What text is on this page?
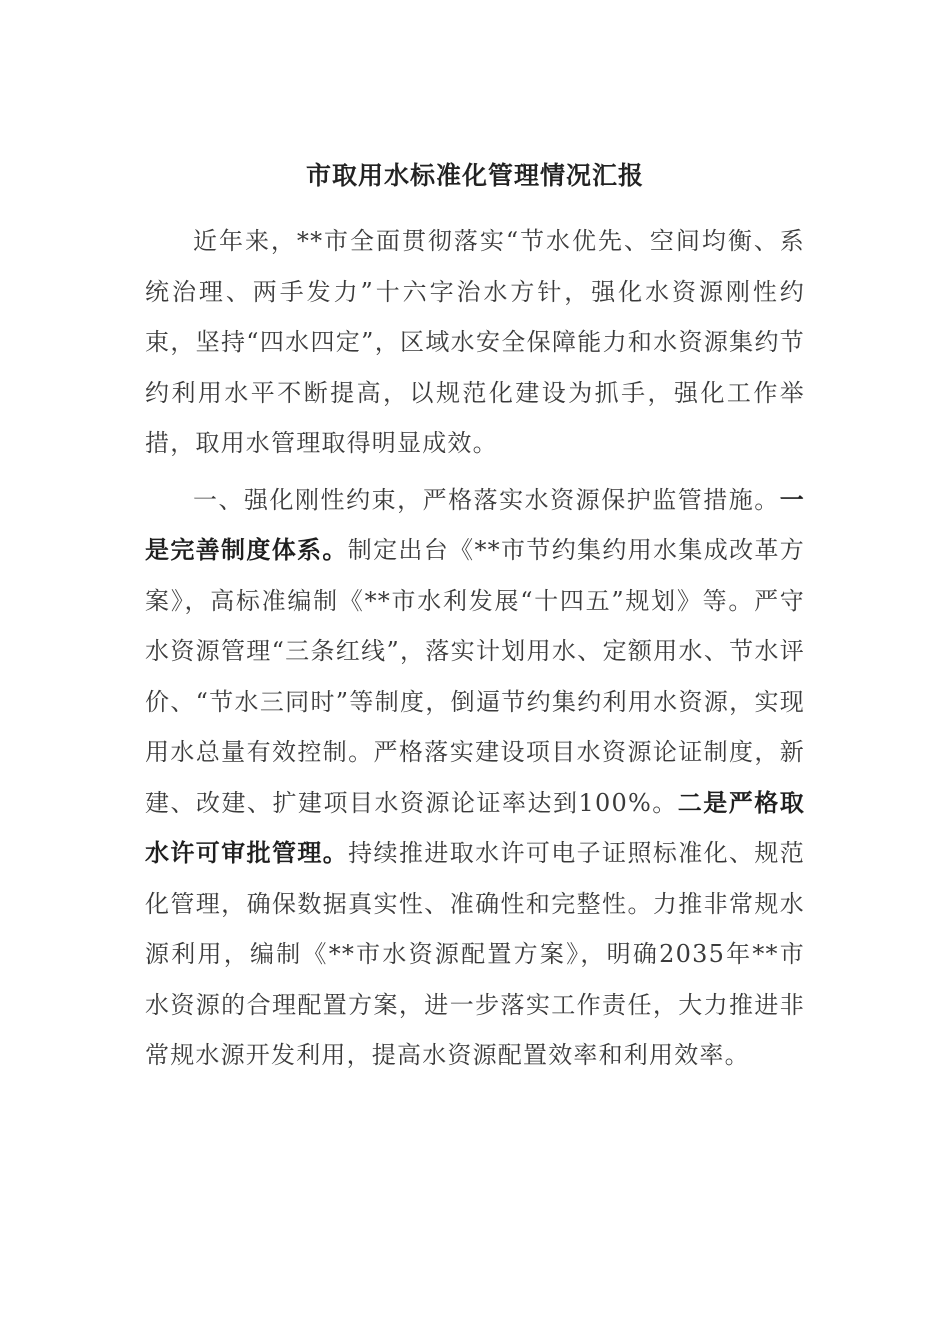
市取用水标准化管理情况汇报

近年来，**市全面贯彻落实“节水优先、空间均衡、系统治理、两手发力”十六字治水方针，强化水资源刚性约束，坚持“四水四定”，区域水安全保障能力和水资源集约节约利用水平不断提高，以规范化建设为抓手，强化工作举措，取用水管理取得明显成效。

一、强化刚性约束，严格落实水资源保护监管措施。一是完善制度体系。制定出台《**市节约集约用水集成改革方案》，高标准编制《**市水利发展“十四五”规划》等。严守水资源管理“三条红线”，落实计划用水、定额用水、节水评价、“节水三同时”等制度，倒逼节约集约利用水资源，实现用水总量有效控制。严格落实建设项目水资源论证制度，新建、改建、扩建项目水资源论证率达到100%。二是严格取水许可审批管理。持续推进取水许可电子证照标准化、规范化管理，确保数据真实性、准确性和完整性。力推非常规水源利用，编制《**市水资源配置方案》，明确2035年**市水资源的合理配置方案，进一步落实工作责任，大力推进非常规水源开发利用，提高水资源配置效率和利用效率。
